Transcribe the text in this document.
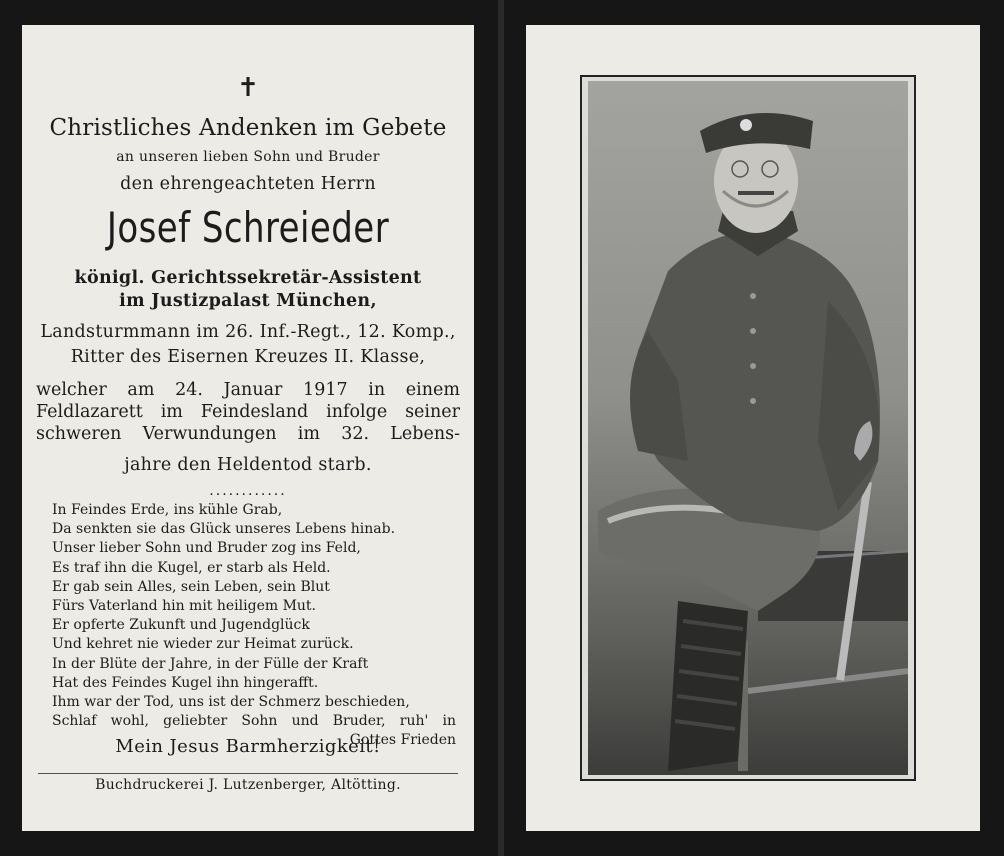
✝
Christliches Andenken im Gebete
an unseren lieben Sohn und Bruder
den ehrengeachteten Herrn
Josef Schreieder
königl. Gerichtssekretär-Assistent
im Justizpalast München,
Landsturmmann im 26. Inf.-Regt., 12. Komp.,
Ritter des Eisernen Kreuzes II. Klasse,
welcher am 24. Januar 1917 in einem
Feldlazarett im Feindesland infolge seiner
schweren Verwundungen im 32. Lebens-
jahre den Heldentod starb.
............
In Feindes Erde, ins kühle Grab,
Da senkten sie das Glück unseres Lebens hinab.
Unser lieber Sohn und Bruder zog ins Feld,
Es traf ihn die Kugel, er starb als Held.
Er gab sein Alles, sein Leben, sein Blut
Fürs Vaterland hin mit heiligem Mut.
Er opferte Zukunft und Jugendglück
Und kehret nie wieder zur Heimat zurück.
In der Blüte der Jahre, in der Fülle der Kraft
Hat des Feindes Kugel ihn hingerafft.
Ihm war der Tod, uns ist der Schmerz beschieden,
Schlaf wohl, geliebter Sohn und Bruder, ruh' in
Gottes Frieden
Mein Jesus Barmherzigkeit!
Buchdruckerei J. Lutzenberger, Altötting.
